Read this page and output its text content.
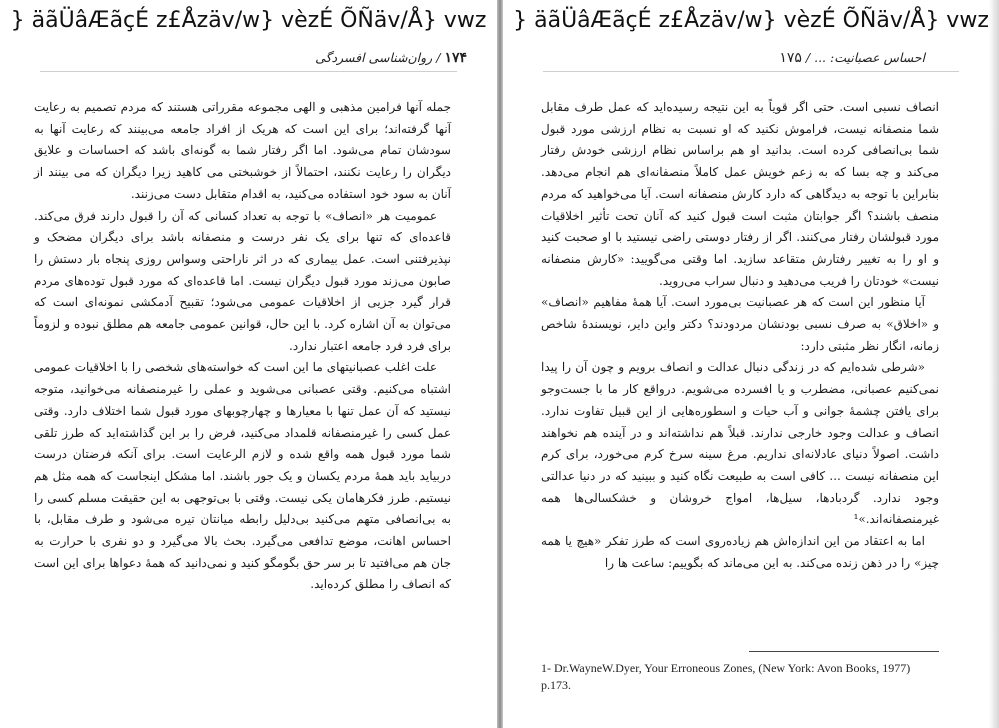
} äãÜâÆãçÉ z£Åzäv/w} vèzÉ ÕÑäv/Å} vwz
۱۷۴/روان‌شناسی افسردگی

جمله آنها فرامین مذهبی و الهی مجموعه مقرراتی هستند که مردم تصمیم به رعایت آنها گرفته‌اند؛ برای این است که هریک از افراد جامعه می‌بینند که رعایت آنها به سودشان تمام می‌شود. اما اگر رفتار شما به گونه‌ای باشد که احساسات و علایق دیگران را رعایت نکنند، احتمالاً از خوشبختی می کاهید زیرا دیگران که می بینند از آنان به سود خود استفاده می‌کنید، به اقدام متقابل دست می‌زنند.

عمومیت هر «انصاف» با توجه به تعداد کسانی که آن را قبول دارند فرق می‌کند. قاعده‌ای که تنها برای یک نفر درست و منصفانه باشد برای دیگران مضحک و نپذیرفتنی است. عمل بیماری که در اثر ناراحتی وسواس روزی پنجاه بار دستش را صابون می‌زند مورد قبول دیگران نیست. اما قاعده‌ای که مورد قبول توده‌های مردم قرار گیرد جزیی از اخلاقیات عمومی می‌شود؛ تقبیح آدمکشی نمونه‌ای است که می‌توان به آن اشاره کرد. با این حال، قوانین عمومی جامعه هم مطلق نبوده و لزوماً برای فرد فرد جامعه اعتبار ندارد.

علت اغلب عصبانیتهای ما این است که خواسته‌های شخصی را با اخلاقیات عمومی اشتباه می‌کنیم. وقتی عصبانی می‌شوید و عملی را غیرمنصفانه می‌خوانید، متوجه نیستید که آن عمل تنها با معیارها و چهارچوبهای مورد قبول شما اختلاف دارد. وقتی عمل کسی را غیرمنصفانه قلمداد می‌کنید، فرض را بر این گذاشته‌اید که طرز تلقی شما مورد قبول همه واقع شده و لازم الرعایت است. برای آنکه فرضتان درست دربیاید باید همهٔ مردم یکسان و یک جور باشند. اما مشکل اینجاست که همه مثل هم نیستیم. طرز فکرهامان یکی نیست. وقتی با بی‌توجهی به این حقیقت مسلم کسی را به بی‌انصافی متهم می‌کنید بی‌دلیل رابطه میانتان تیره می‌شود و طرف مقابل، با احساس اهانت، موضع تدافعی می‌گیرد. بحث بالا می‌گیرد و دو نفری با حرارت به جان هم می‌افتید تا بر سر حق بگومگو کنید و نمی‌دانید که همهٔ دعواها برای این است که انصاف را مطلق کرده‌اید.

} äãÜâÆãçÉ z£Åzäv/w} vèzÉ ÕÑäv/Å} vwz
احساس عصبانیت: .../۱۷۵

انصاف نسبی است. حتی اگر قویاً به این نتیجه رسیده‌اید که عمل طرف مقابل شما منصفانه نیست، فراموش نکنید که او نسبت به نظام ارزشی مورد قبول شما بی‌انصافی کرده است. بدانید او هم براساس نظام ارزشی خودش رفتار می‌کند و چه بسا که به زعم خویش عمل کاملاً منصفانه‌ای هم انجام می‌دهد. بنابراین با توجه به دیدگاهی که دارد کارش منصفانه است. آیا می‌خواهید که مردم منصف باشند؟ اگر جوابتان مثبت است قبول کنید که آنان تحت تأثیر اخلاقیات مورد قبولشان رفتار می‌کنند. اگر از رفتار دوستی راضی نیستید با او صحبت کنید و او را به تغییر رفتارش متقاعد سازید. اما وقتی می‌گویید: «کارش منصفانه نیست» خودتان را فریب می‌دهید و دنبال سراب می‌روید.

آیا منظور این است که هر عصبانیت بی‌مورد است. آیا همهٔ مفاهیم «انصاف» و «اخلاق» به صرف نسبی بودنشان مردودند؟ دکتر واین دایر، نویسندهٔ شاخص زمانه، انگار نظر مثبتی دارد:

«شرطی شده‌ایم که در زندگی دنبال عدالت و انصاف برویم و چون آن را پیدا نمی‌کنیم عصبانی، مضطرب و یا افسرده می‌شویم. درواقع کار ما با جست‌وجو برای یافتن چشمهٔ جوانی و آب حیات و اسطوره‌هایی از این قبیل تفاوت ندارد. انصاف و عدالت وجود خارجی ندارند. قبلاً هم نداشته‌اند و در آینده هم نخواهند داشت. اصولاً دنیای عادلانه‌ای نداریم. مرغ سینه سرخ کرم می‌خورد، برای کرم این منصفانه نیست ... کافی است به طبیعت نگاه کنید و ببینید که در دنیا عدالتی وجود ندارد. گردبادها، سیل‌ها، امواج خروشان و خشکسالی‌ها همه غیرمنصفانه‌اند.»¹

اما به اعتقاد من این اندازه‌اش هم زیاده‌روی است که طرز تفکر «هیچ یا همه چیز» را در ذهن زنده می‌کند. به این می‌ماند که بگوییم: ساعت ها را

1- Dr.WayneW.Dyer, Your Erroneous Zones, (New York: Avon Books, 1977) p.173.
